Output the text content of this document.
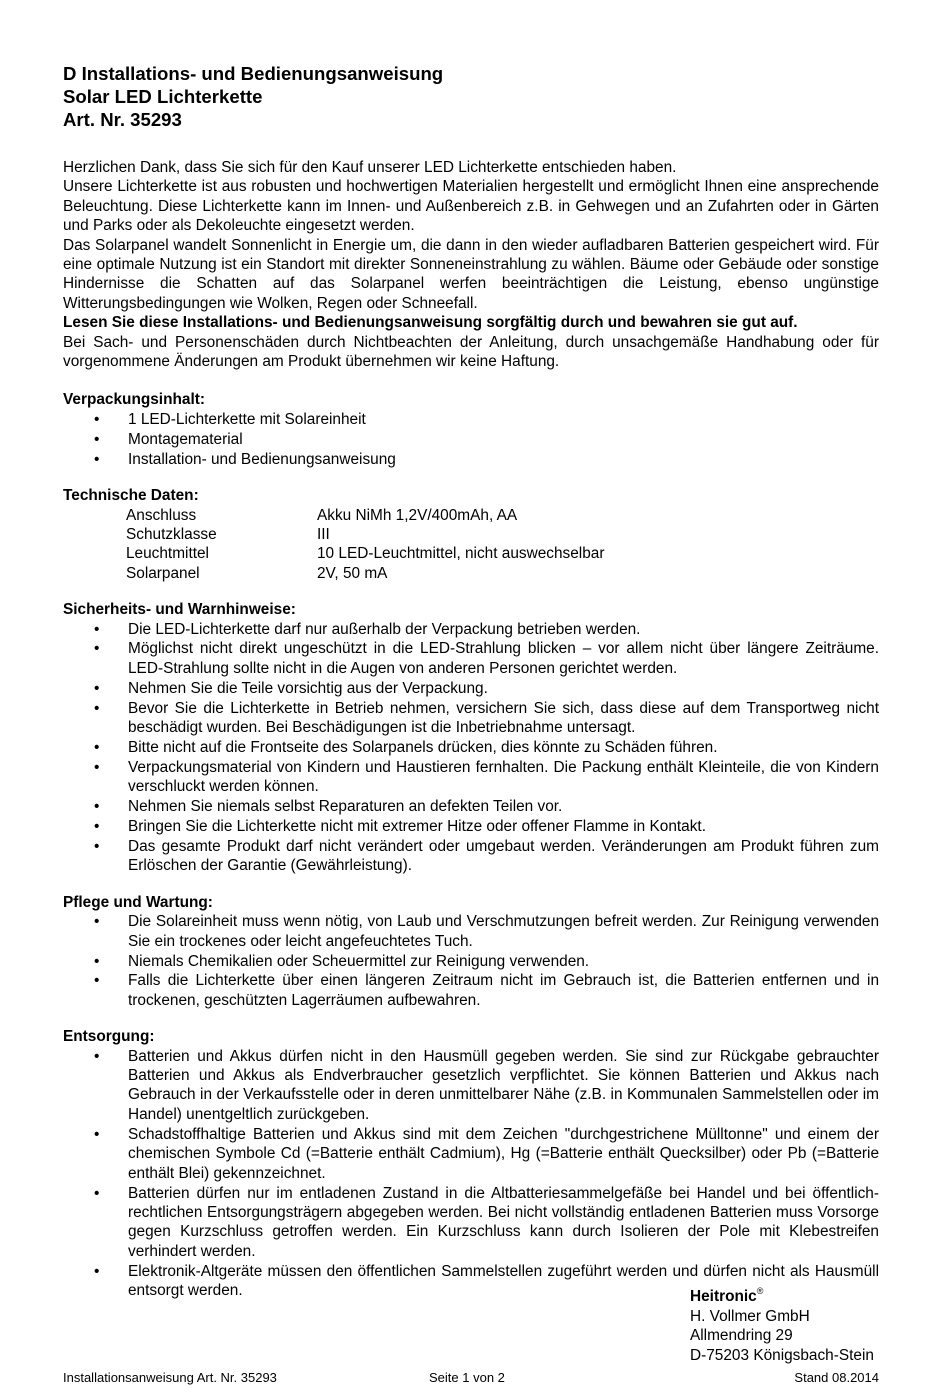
D Installations- und Bedienungsanweisung

Solar LED Lichterkette

Art. Nr. 35293

Herzlichen Dank, dass Sie sich für den Kauf unserer LED Lichterkette entschieden haben.

Unsere Lichterkette ist aus robusten und hochwertigen Materialien hergestellt und ermöglicht Ihnen eine ansprechende Beleuchtung. Diese Lichterkette kann im Innen- und Außenbereich z.B. in Gehwegen und an Zufahrten oder in Gärten und Parks oder als Dekoleuchte eingesetzt werden.

Das Solarpanel wandelt Sonnenlicht in Energie um, die dann in den wieder aufladbaren Batterien gespeichert wird. Für eine optimale Nutzung ist ein Standort mit direkter Sonneneinstrahlung zu wählen. Bäume oder Gebäude oder sonstige Hindernisse die Schatten auf das Solarpanel werfen beeinträchtigen die Leistung, ebenso ungünstige Witterungsbedingungen wie Wolken, Regen oder Schneefall.

Lesen Sie diese Installations- und Bedienungsanweisung sorgfältig durch und bewahren sie gut auf.

Bei Sach- und Personenschäden durch Nichtbeachten der Anleitung, durch unsachgemäße Handhabung oder für vorgenommene Änderungen am Produkt übernehmen wir keine Haftung.

Verpackungsinhalt:

• 1 LED-Lichterkette mit Solareinheit
• Montagematerial
• Installation- und Bedienungsanweisung

Technische Daten:

Anschluss	Akku NiMh 1,2V/400mAh, AA
Schutzklasse	III
Leuchtmittel	10 LED-Leuchtmittel, nicht auswechselbar
Solarpanel	2V, 50 mA

Sicherheits- und Warnhinweise:

• Die LED-Lichterkette darf nur außerhalb der Verpackung betrieben werden.
• Möglichst nicht direkt ungeschützt in die LED-Strahlung blicken – vor allem nicht über längere Zeiträume. LED-Strahlung sollte nicht in die Augen von anderen Personen gerichtet werden.
• Nehmen Sie die Teile vorsichtig aus der Verpackung.
• Bevor Sie die Lichterkette in Betrieb nehmen, versichern Sie sich, dass diese auf dem Transportweg nicht beschädigt wurden. Bei Beschädigungen ist die Inbetriebnahme untersagt.
• Bitte nicht auf die Frontseite des Solarpanels drücken, dies könnte zu Schäden führen.
• Verpackungsmaterial von Kindern und Haustieren fernhalten. Die Packung enthält Kleinteile, die von Kindern verschluckt werden können.
• Nehmen Sie niemals selbst Reparaturen an defekten Teilen vor.
• Bringen Sie die Lichterkette nicht mit extremer Hitze oder offener Flamme in Kontakt.
• Das gesamte Produkt darf nicht verändert oder umgebaut werden. Veränderungen am Produkt führen zum Erlöschen der Garantie (Gewährleistung).

Pflege und Wartung:

• Die Solareinheit muss wenn nötig, von Laub und Verschmutzungen befreit werden. Zur Reinigung verwenden Sie ein trockenes oder leicht angefeuchtetes Tuch.
• Niemals Chemikalien oder Scheuermittel zur Reinigung verwenden.
• Falls die Lichterkette über einen längeren Zeitraum nicht im Gebrauch ist, die Batterien entfernen und in trockenen, geschützten Lagerräumen aufbewahren.

Entsorgung:

• Batterien und Akkus dürfen nicht in den Hausmüll gegeben werden. Sie sind zur Rückgabe gebrauchter Batterien und Akkus als Endverbraucher gesetzlich verpflichtet. Sie können Batterien und Akkus nach Gebrauch in der Verkaufsstelle oder in deren unmittelbarer Nähe (z.B. in Kommunalen Sammelstellen oder im Handel) unentgeltlich zurückgeben.
• Schadstoffhaltige Batterien und Akkus sind mit dem Zeichen "durchgestrichene Mülltonne" und einem der chemischen Symbole Cd (=Batterie enthält Cadmium), Hg (=Batterie enthält Quecksilber) oder Pb (=Batterie enthält Blei) gekennzeichnet.
• Batterien dürfen nur im entladenen Zustand in die Altbatteriesammelgefäße bei Handel und bei öffentlich-rechtlichen Entsorgungsträgern abgegeben werden. Bei nicht vollständig entladenen Batterien muss Vorsorge gegen Kurzschluss getroffen werden. Ein Kurzschluss kann durch Isolieren der Pole mit Klebestreifen verhindert werden.
• Elektronik-Altgeräte müssen den öffentlichen Sammelstellen zugeführt werden und dürfen nicht als Hausmüll entsorgt werden.	Heitronic®
H. Vollmer GmbH
Allmendring 29
D-75203 Königsbach-Stein
Installationsanweisung Art. Nr. 35293	Seite 1 von 2	Stand 08.2014
